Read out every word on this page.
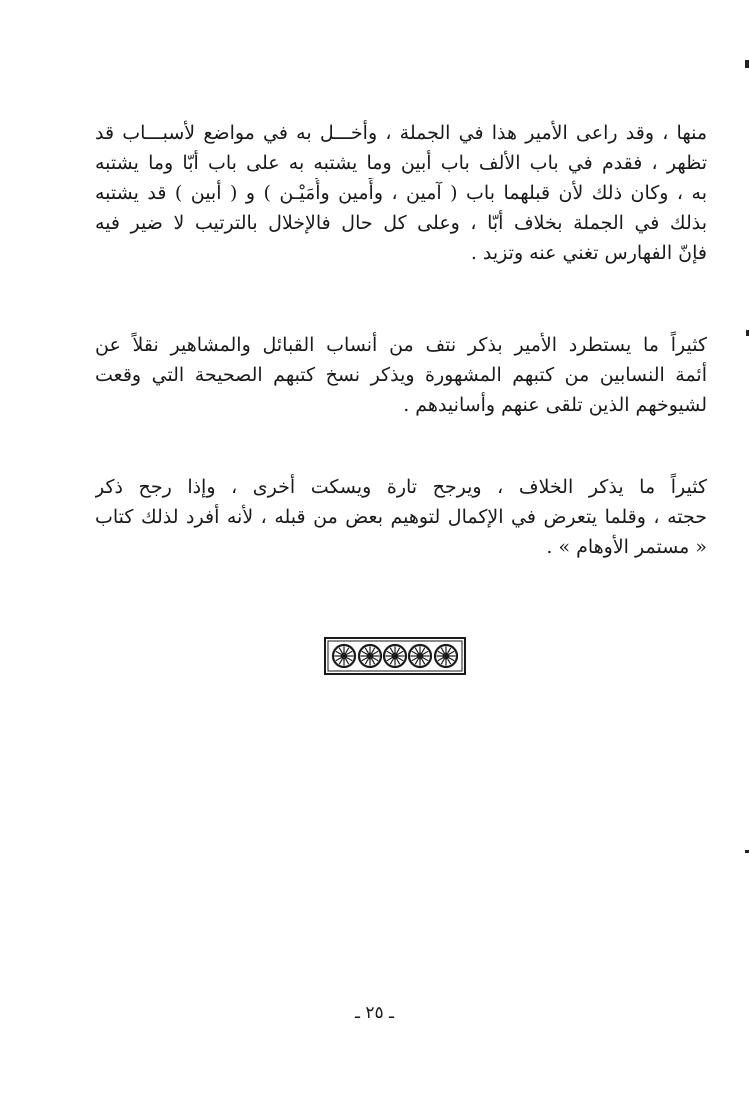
منها ، وقد راعى الأمير هذا في الجملة ، وأخـــل به في مواضع لأسبـــاب قد
تظهر ، فقدم في باب الألف باب أبين وما يشتبه به على باب أبّا وما يشتبه
به ، وكان ذلك لأن قبلهما باب ( آمين ، وأَمين وأُمَيْـن ) و ( أبين ) قد يشتبه
بذلك في الجملة بخلاف أبّا ، وعلى كل حال فالإخلال بالترتيب لا ضير فيه
فإنّ الفهارس تغني عنه وتزيد .
كثيراً ما يستطرد الأمير بذكر نتف من أنساب القبائل والمشاهير نقلاً عن
أئمة النسابين من كتبهم المشهورة ويذكر نسخ كتبهم الصحيحة التي وقعت
لشيوخهم الذين تلقى عنهم وأسانيدهم .
كثيراً ما يذكر الخلاف ، ويرجح تارة ويسكت أخرى ، وإذا رجح ذكر
حجته ، وقلما يتعرض في الإكمال لتوهيم بعض من قبله ، لأنه أفرد لذلك كتاب
« مستمر الأوهام » .
ـ ٢٥ ـ
